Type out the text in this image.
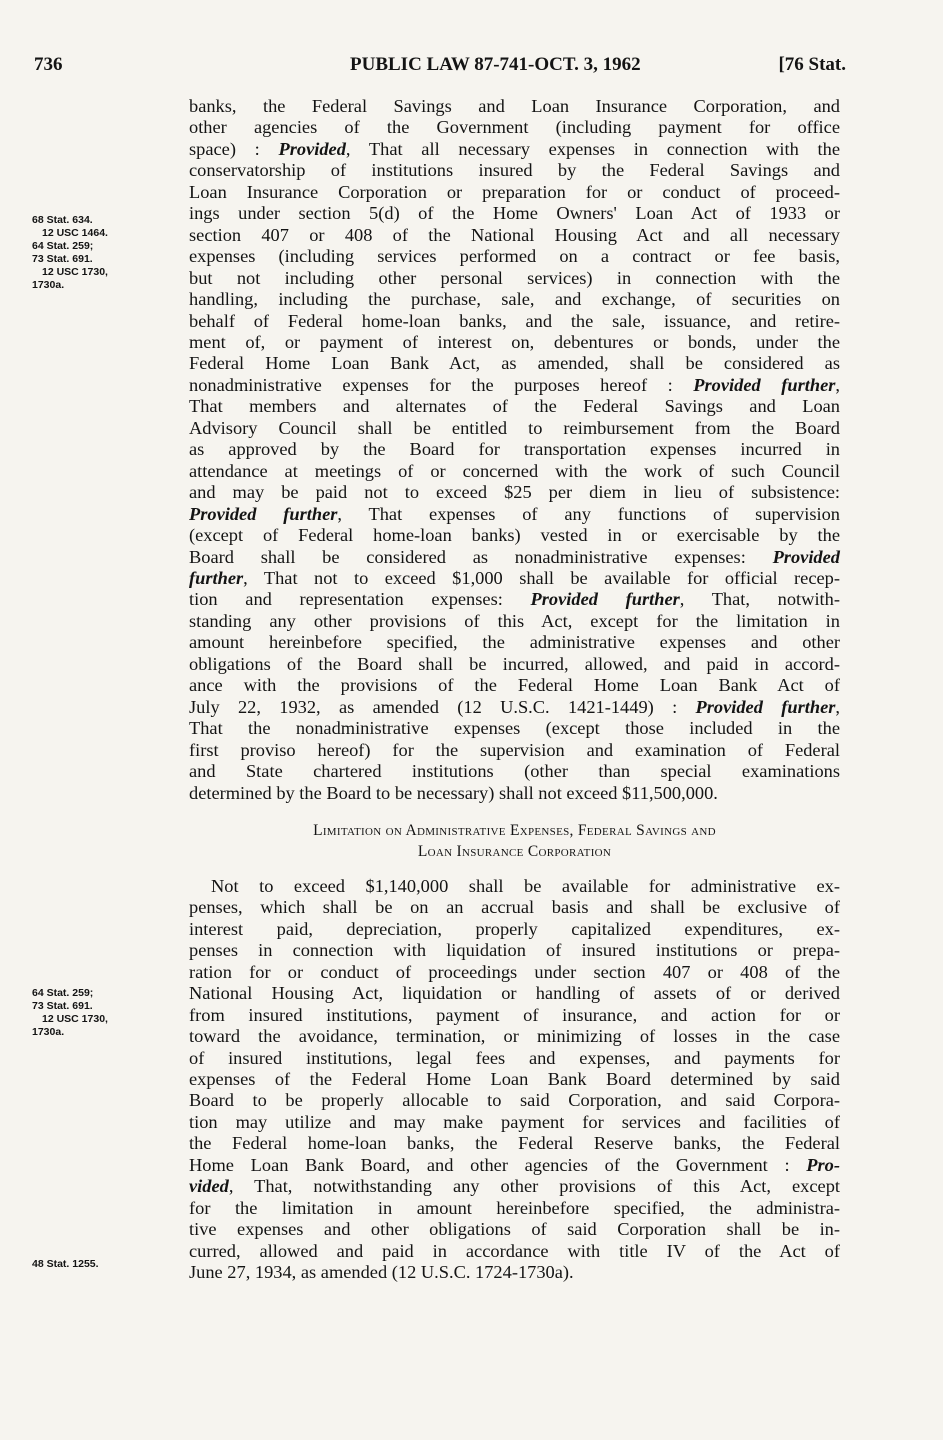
736	PUBLIC LAW 87-741-OCT. 3, 1962	[76 Stat.
68 Stat. 634.
12 USC 1464.
64 Stat. 259;
73 Stat. 691.
12 USC 1730,
1730a.
64 Stat. 259;
73 Stat. 691.
12 USC 1730,
1730a.
48 Stat. 1255.
banks, the Federal Savings and Loan Insurance Corporation, and
other agencies of the Government (including payment for office
space) : Provided, That all necessary expenses in connection with the
conservatorship of institutions insured by the Federal Savings and
Loan Insurance Corporation or preparation for or conduct of proceed-
ings under section 5(d) of the Home Owners' Loan Act of 1933 or
section 407 or 408 of the National Housing Act and all necessary
expenses (including services performed on a contract or fee basis,
but not including other personal services) in connection with the
handling, including the purchase, sale, and exchange, of securities on
behalf of Federal home-loan banks, and the sale, issuance, and retire-
ment of, or payment of interest on, debentures or bonds, under the
Federal Home Loan Bank Act, as amended, shall be considered as
nonadministrative expenses for the purposes hereof : Provided further,
That members and alternates of the Federal Savings and Loan
Advisory Council shall be entitled to reimbursement from the Board
as approved by the Board for transportation expenses incurred in
attendance at meetings of or concerned with the work of such Council
and may be paid not to exceed $25 per diem in lieu of subsistence:
Provided further, That expenses of any functions of supervision
(except of Federal home-loan banks) vested in or exercisable by the
Board shall be considered as nonadministrative expenses: Provided
further, That not to exceed $1,000 shall be available for official recep-
tion and representation expenses: Provided further, That, notwith-
standing any other provisions of this Act, except for the limitation in
amount hereinbefore specified, the administrative expenses and other
obligations of the Board shall be incurred, allowed, and paid in accord-
ance with the provisions of the Federal Home Loan Bank Act of
July 22, 1932, as amended (12 U.S.C. 1421-1449) : Provided further,
That the nonadministrative expenses (except those included in the
first proviso hereof) for the supervision and examination of Federal
and State chartered institutions (other than special examinations
determined by the Board to be necessary) shall not exceed $11,500,000.
Limitation on Administrative Expenses, Federal Savings and
Loan Insurance Corporation
Not to exceed $1,140,000 shall be available for administrative ex-
penses, which shall be on an accrual basis and shall be exclusive of
interest paid, depreciation, properly capitalized expenditures, ex-
penses in connection with liquidation of insured institutions or prepa-
ration for or conduct of proceedings under section 407 or 408 of the
National Housing Act, liquidation or handling of assets of or derived
from insured institutions, payment of insurance, and action for or
toward the avoidance, termination, or minimizing of losses in the case
of insured institutions, legal fees and expenses, and payments for
expenses of the Federal Home Loan Bank Board determined by said
Board to be properly allocable to said Corporation, and said Corpora-
tion may utilize and may make payment for services and facilities of
the Federal home-loan banks, the Federal Reserve banks, the Federal
Home Loan Bank Board, and other agencies of the Government : Pro-
vided, That, notwithstanding any other provisions of this Act, except
for the limitation in amount hereinbefore specified, the administra-
tive expenses and other obligations of said Corporation shall be in-
curred, allowed and paid in accordance with title IV of the Act of
June 27, 1934, as amended (12 U.S.C. 1724-1730a).
